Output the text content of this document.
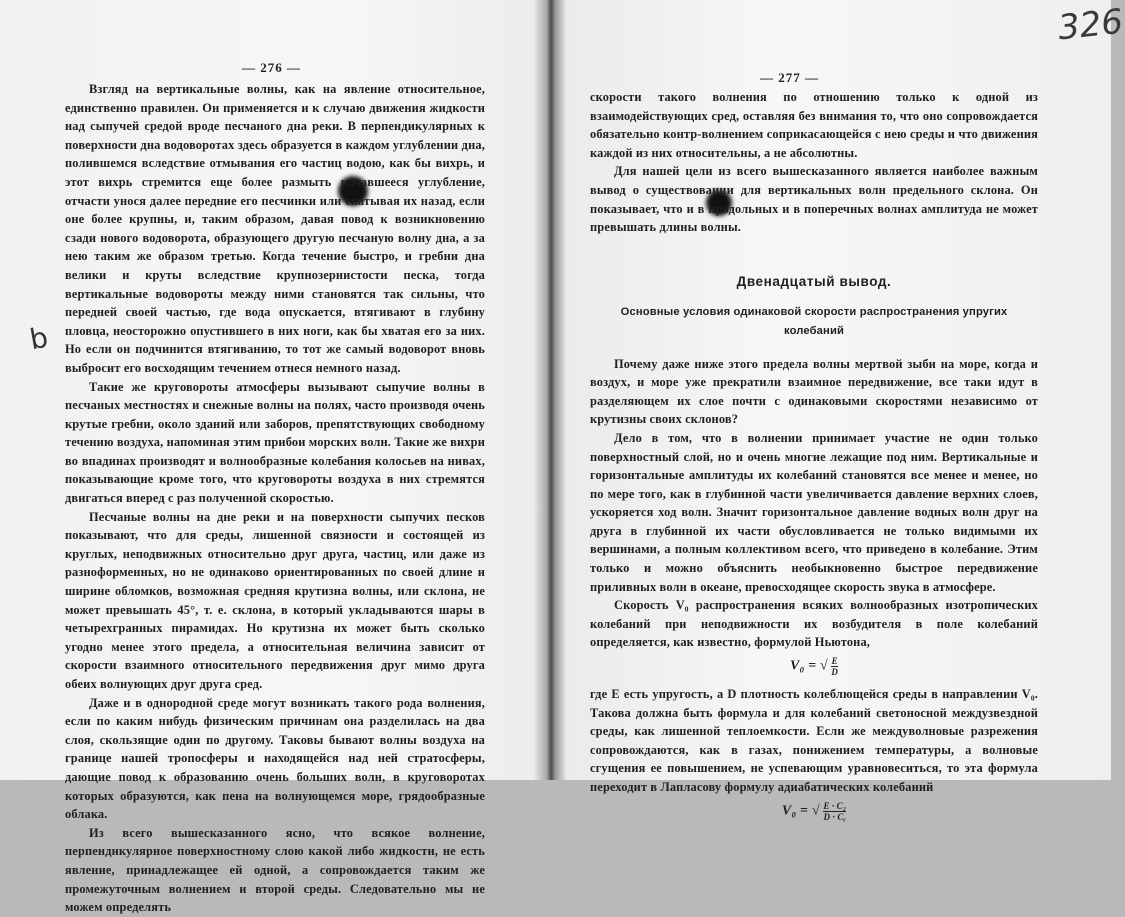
326
b
— 276 —

Взгляд на вертикальные волны, как на явление относительное, единственно правилен. Он применяется и к случаю движения жидкости над сыпучей средой вроде песчаного дна реки. В перпендикулярных к поверхности дна водоворотах здесь образуется в каждом углублении дна, полившемся вследствие отмывания его частиц водою, как бы вихрь, и этот вихрь стремится еще более размыть начавшееся углубление, отчасти унося далее передние его песчинки или скатывая их назад, если оне более крупны, и, таким образом, давая повод к возникновению сзади нового водоворота, образующего другую песчаную волну дна, а за нею таким же образом третью. Когда течение быстро, и гребни дна велики и круты вследствие крупнозернистости песка, тогда вертикальные водовороты между ними становятся так сильны, что передней своей частью, где вода опускается, втягивают в глубину пловца, неосторожно опустившего в них ноги, как бы хватая его за них. Но если он подчинится втягиванию, то тот же самый водоворот вновь выбросит его восходящим течением отнеся немного назад.

Такие же круговороты атмосферы вызывают сыпучие волны в песчаных местностях и снежные волны на полях, часто производя очень крутые гребни, около зданий или заборов, препятствующих свободному течению воздуха, напоминая этим прибои морских волн. Такие же вихри во впадинах производят и волнообразные колебания колосьев на нивах, показывающие кроме того, что круговороты воздуха в них стремятся двигаться вперед с раз полученной скоростью.

Песчаные волны на дне реки и на поверхности сыпучих песков показывают, что для среды, лишенной связности и состоящей из круглых, неподвижных относительно друг друга, частиц, или даже из разноформенных, но не одинаково ориентированных по своей длине и ширине обломков, возможная средняя крутизна волны, или склона, не может превышать 45°, т. е. склона, в который укладываются шары в четырехгранных пирамидах. Но крутизна их может быть сколько угодно менее этого предела, а относительная величина зависит от скорости взаимного относительного передвижения друг мимо друга обеих волнующих друг друга сред.

Даже и в однородной среде могут возникать такого рода волнения, если по каким нибудь физическим причинам она разделилась на два слоя, скользящие один по другому. Таковы бывают волны воздуха на границе нашей тропосферы и находящейся над ней стратосферы, дающие повод к образованию очень больших волн, в круговоротах которых образуются, как пена на волнующемся море, грядообразные облака.

Из всего вышесказанного ясно, что всякое волнение, перпендикулярное поверхностному слою какой либо жидкости, не есть явление, принадлежащее ей одной, а сопровождается таким же промежуточным волнением и второй среды. Следовательно мы не можем определять

— 277 —

скорости такого волнения по отношению только к одной из взаимодействующих сред, оставляя без внимания то, что оно сопровождается обязательно контр-волнением соприкасающейся с нею среды и что движения каждой из них относительны, а не абсолютны.

Для нашей цели из всего вышесказанного является наиболее важным вывод о существовании для вертикальных волн предельного склона. Он показывает, что и в продольных и в поперечных волнах амплитуда не может превышать длины волны.

Двенадцатый вывод.
Основные условия одинаковой скорости распространения упругих колебаний

Почему даже ниже этого предела волны мертвой зыби на море, когда и воздух, и море уже прекратили взаимное передвижение, все таки идут в разделяющем их слое почти с одинаковыми скоростями независимо от крутизны своих склонов?

Дело в том, что в волнении принимает участие не один только поверхностный слой, но и очень многие лежащие под ним. Вертикальные и горизонтальные амплитуды их колебаний становятся все менее и менее, но по мере того, как в глубинной части увеличивается давление верхних слоев, ускоряется ход волн. Значит горизонтальное давление водных волн друг на друга в глубинной их части обусловливается не только видимыми их вершинами, а полным коллективом всего, что приведено в колебание. Этим только и можно объяснить необыкновенно быстрое передвижение приливных волн в океане, превосходящее скорость звука в атмосфере.

Скорость V₀ распространения всяких волнообразных изотропических колебаний при неподвижности их возбудителя в поле колебаний определяется, как известно, формулой Ньютона,

V₀ = √ $\frac{E}{D}$

где E есть упругость, а D плотность колеблющейся среды в направлении V₀. Такова должна быть формула и для колебаний светоносной междузвездной среды, как лишенной теплоемкости. Если же междуволновые разрежения сопровождаются, как в газах, понижением температуры, а волновые сгущения ее повышением, не успевающим уравновеситься, то эта формула переходит в Лапласову формулу адиабатических колебаний

V₀ = √ $\frac{\text{E · C₂}}{\text{D · Cᵧ}}$
